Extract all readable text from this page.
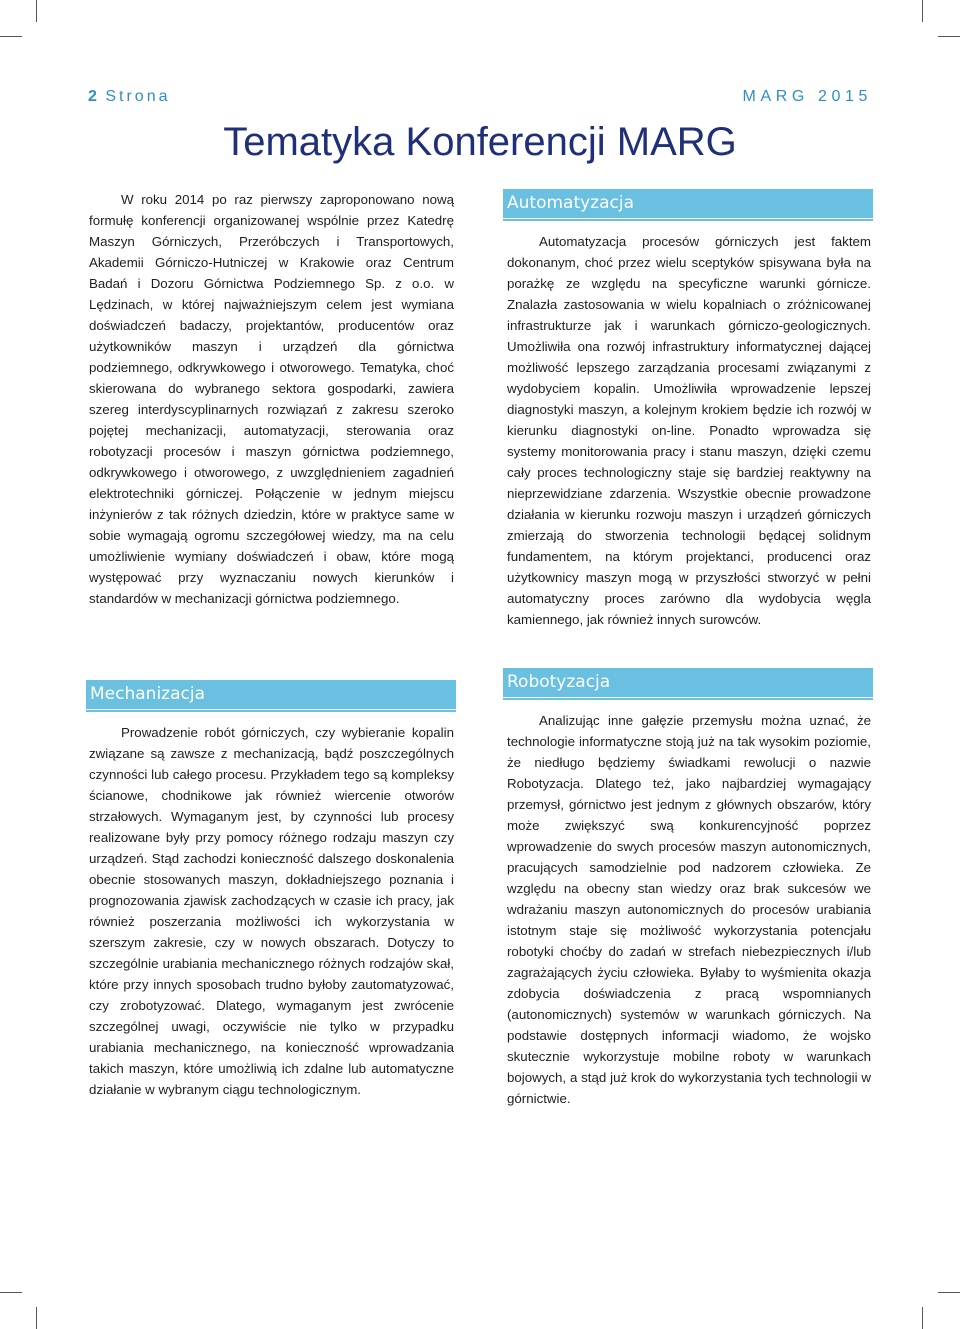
2 Strona	MARG 2015
Tematyka Konferencji MARG

W roku 2014 po raz pierwszy zaproponowano nową formułę konferencji organizowanej wspólnie przez Katedrę Maszyn Górniczych, Przeróbczych i Transportowych, Akademii Górniczo-Hutniczej w Krakowie oraz Centrum Badań i Dozoru Górnictwa Podziemnego Sp. z o.o. w Lędzinach, w której najważniejszym celem jest wymiana doświadczeń badaczy, projektantów, producentów oraz użytkowników maszyn i urządzeń dla górnictwa podziemnego, odkrywkowego i otworowego. Tematyka, choć skierowana do wybranego sektora gospodarki, zawiera szereg interdyscyplinarnych rozwiązań z zakresu szeroko pojętej mechanizacji, automatyzacji, sterowania oraz robotyzacji procesów i maszyn górnictwa podziemnego, odkrywkowego i otworowego, z uwzględnieniem zagadnień elektrotechniki górniczej. Połączenie w jednym miejscu inżynierów z tak różnych dziedzin, które w praktyce same w sobie wymagają ogromu szczegółowej wiedzy, ma na celu umożliwienie wymiany doświadczeń i obaw, które mogą występować przy wyznaczaniu nowych kierunków i standardów w mechanizacji górnictwa podziemnego.

Automatyzacja

Automatyzacja procesów górniczych jest faktem dokonanym, choć przez wielu sceptyków spisywana była na porażkę ze względu na specyficzne warunki górnicze. Znalazła zastosowania w wielu kopalniach o zróżnicowanej infrastrukturze jak i warunkach górniczo-geologicznych. Umożliwiła ona rozwój infrastruktury informatycznej dającej możliwość lepszego zarządzania procesami związanymi z wydobyciem kopalin. Umożliwiła wprowadzenie lepszej diagnostyki maszyn, a kolejnym krokiem będzie ich rozwój w kierunku diagnostyki on-line. Ponadto wprowadza się systemy monitorowania pracy i stanu maszyn, dzięki czemu cały proces technologiczny staje się bardziej reaktywny na nieprzewidziane zdarzenia. Wszystkie obecnie prowadzone działania w kierunku rozwoju maszyn i urządzeń górniczych zmierzają do stworzenia technologii będącej solidnym fundamentem, na którym projektanci, producenci oraz użytkownicy maszyn mogą w przyszłości stworzyć w pełni automatyczny proces zarówno dla wydobycia węgla kamiennego, jak również innych surowców.

Mechanizacja

Prowadzenie robót górniczych, czy wybieranie kopalin związane są zawsze z mechanizacją, bądź poszczególnych czynności lub całego procesu. Przykładem tego są kompleksy ścianowe, chodnikowe jak również wiercenie otworów strzałowych. Wymaganym jest, by czynności lub procesy realizowane były przy pomocy różnego rodzaju maszyn czy urządzeń. Stąd zachodzi konieczność dalszego doskonalenia obecnie stosowanych maszyn, dokładniejszego poznania i prognozowania zjawisk zachodzących w czasie ich pracy, jak również poszerzania możliwości ich wykorzystania w szerszym zakresie, czy w nowych obszarach. Dotyczy to szczególnie urabiania mechanicznego różnych rodzajów skał, które przy innych sposobach trudno byłoby zautomatyzować, czy zrobotyzować. Dlatego, wymaganym jest zwrócenie szczególnej uwagi, oczywiście nie tylko w przypadku urabiania mechanicznego, na konieczność wprowadzania takich maszyn, które umożliwią ich zdalne lub automatyczne działanie w wybranym ciągu technologicznym.

Robotyzacja

Analizując inne gałęzie przemysłu można uznać, że technologie informatyczne stoją już na tak wysokim poziomie, że niedługo będziemy świadkami rewolucji o nazwie Robotyzacja. Dlatego też, jako najbardziej wymagający przemysł, górnictwo jest jednym z głównych obszarów, który może zwiększyć swą konkurencyjność poprzez wprowadzenie do swych procesów maszyn autonomicznych, pracujących samodzielnie pod nadzorem człowieka. Ze względu na obecny stan wiedzy oraz brak sukcesów we wdrażaniu maszyn autonomicznych do procesów urabiania istotnym staje się możliwość wykorzystania potencjału robotyki choćby do zadań w strefach niebezpiecznych i/lub zagrażających życiu człowieka. Byłaby to wyśmienita okazja zdobycia doświadczenia z pracą wspomnianych (autonomicznych) systemów w warunkach górniczych. Na podstawie dostępnych informacji wiadomo, że wojsko skutecznie wykorzystuje mobilne roboty w warunkach bojowych, a stąd już krok do wykorzystania tych technologii w górnictwie.
